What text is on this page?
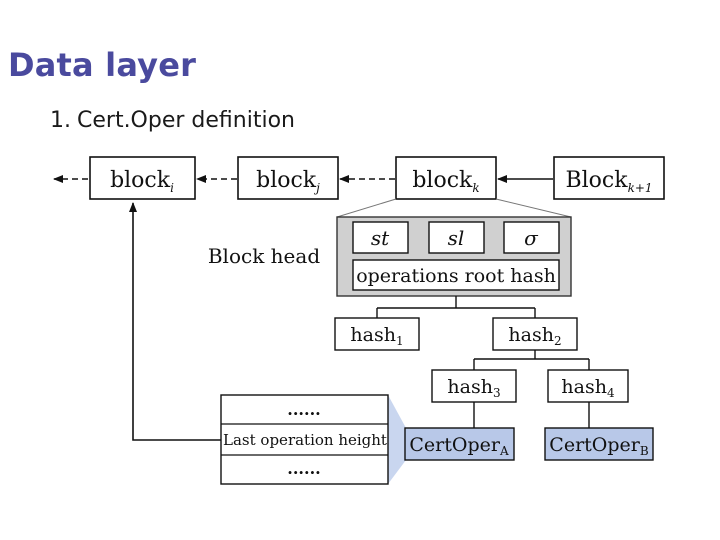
Data layer
1. Cert.Oper definition
block$_i$	block$_j$	block$_k$	Block$_{k+1}$
Block head
st	sl	σ
operations root hash
hash$_1$	hash$_2$
hash$_3$	hash$_4$
CertOper$_A$ CertOper$_B$
......
Last operation height
......
